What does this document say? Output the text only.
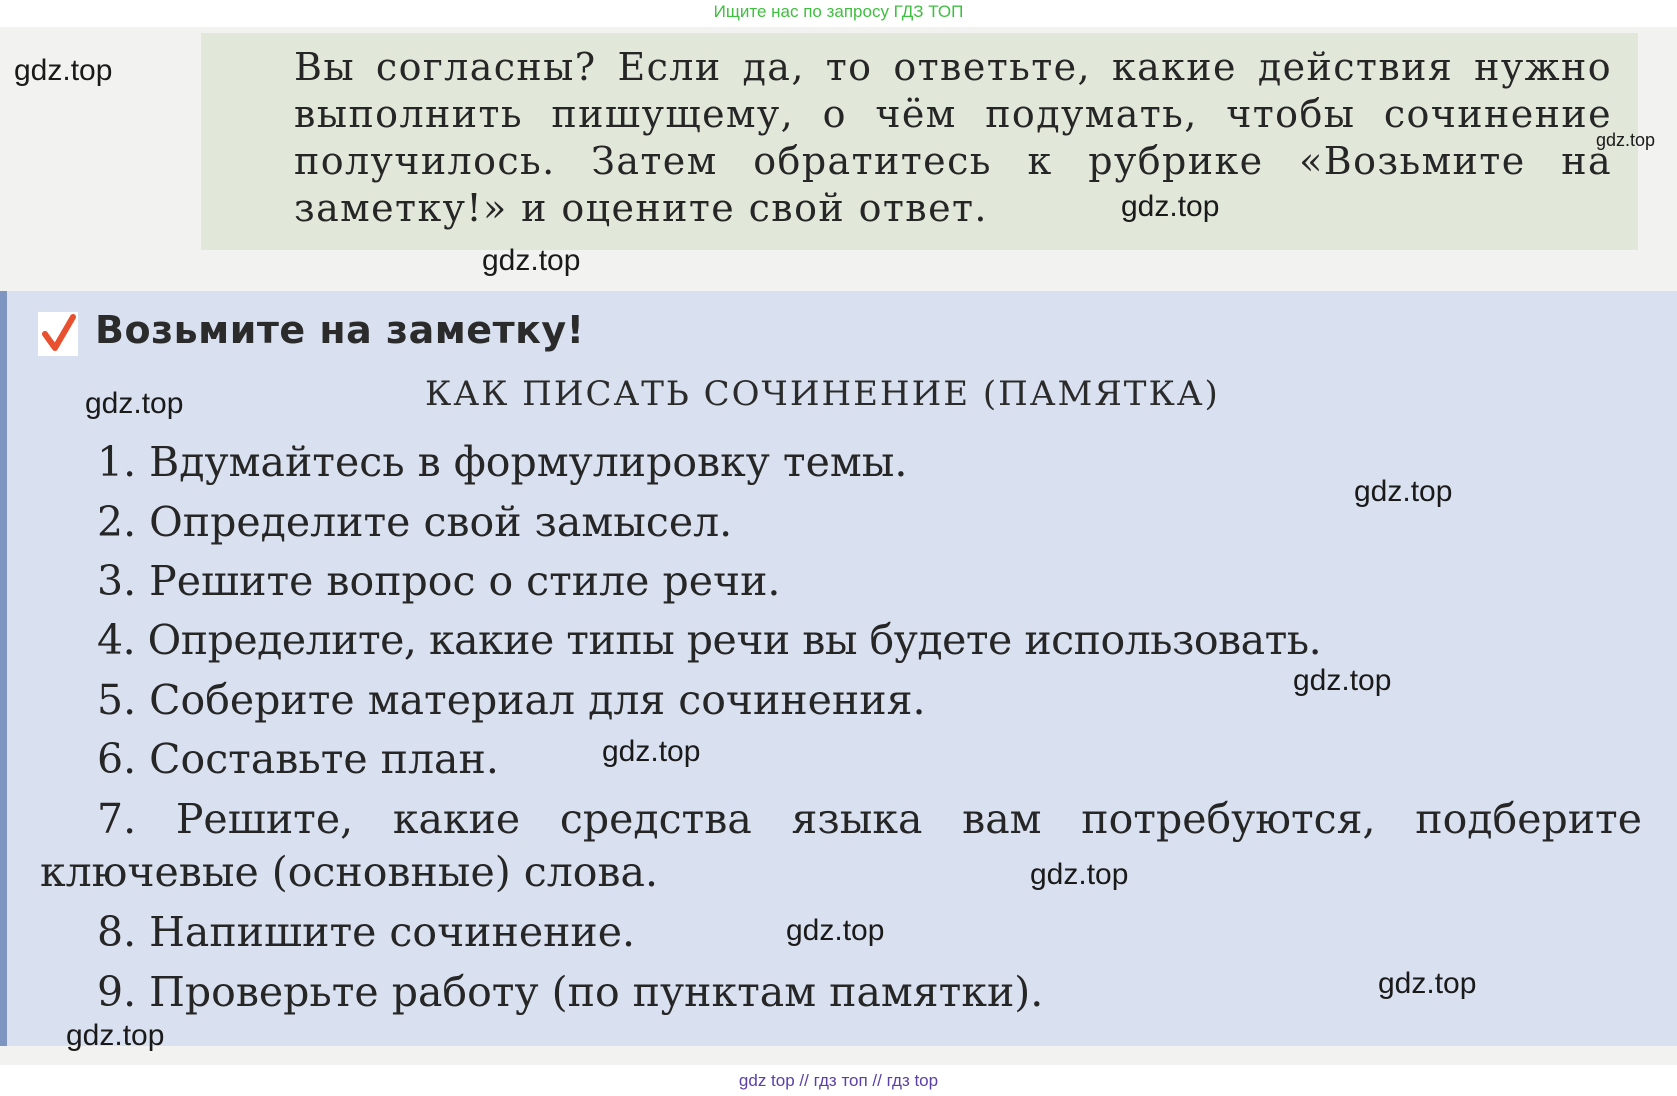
Ищите нас по запросу ГДЗ ТОП
Вы согласны? Если да, то ответьте, какие действия нужно выполнить пишущему, о чём подумать, чтобы сочинение получилось. Затем обратитесь к рубрике «Возьмите на заметку!» и оцените свой ответ.
Возьмите на заметку!
КАК ПИСАТЬ СОЧИНЕНИЕ (ПАМЯТКА)
1. Вдумайтесь в формулировку темы.
2. Определите свой замысел.
3. Решите вопрос о стиле речи.
4. Определите, какие типы речи вы будете использовать.
5. Соберите материал для сочинения.
6. Составьте план.
7. Решите, какие средства языка вам потребуются, подберите
ключевые (основные) слова.
8. Напишите сочинение.
9. Проверьте работу (по пунктам памятки).
gdz.top
gdz.top
gdz.top
gdz.top
gdz.top
gdz.top
gdz.top
gdz.top
gdz.top
gdz.top
gdz.top
gdz.top
gdz top // гдз топ // гдз top
